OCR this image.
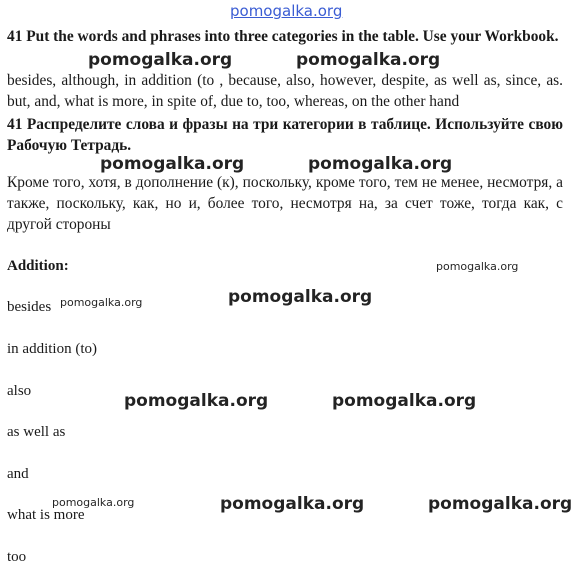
pomogalka.org
41 Put the words and phrases into three categories in the table. Use your Workbook.
besides, although, in addition (to , because, also, however, despite, as well as, since, as. but, and, what is more, in spite of, due to, too, whereas, on the other hand
41 Распределите слова и фразы на три категории в таблице. Используйте свою Рабочую Тетрадь.
Кроме того, хотя, в дополнение (к), поскольку, кроме того, тем не менее, несмотря, а также, поскольку, как, но и, более того, несмотря на, за счет тоже, тогда как, с другой стороны
Addition:
besides
in addition (to)
also
as well as
and
what is more
too
pomogalka.org	pomogalka.org
pomogalka.org	pomogalka.org
pomogalka.org
pomogalka.org	pomogalka.org
pomogalka.org	pomogalka.org
pomogalka.org	pomogalka.org	pomogalka.org
